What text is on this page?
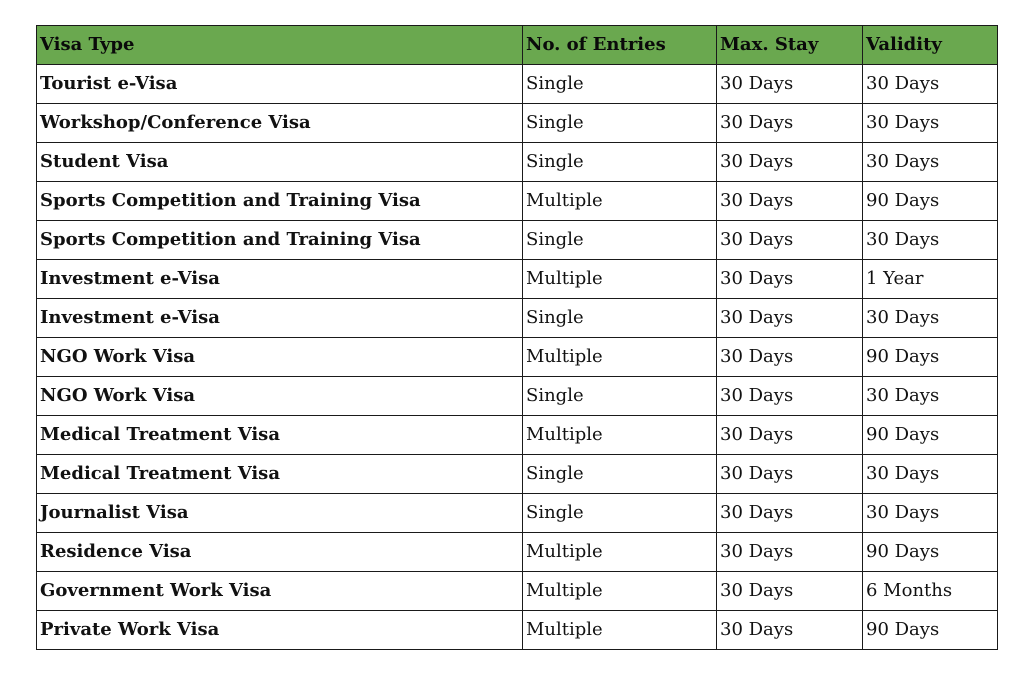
Visa Type	No. of Entries	Max. Stay	Validity
Tourist e-Visa	Single	30 Days	30 Days
Workshop/Conference Visa	Single	30 Days	30 Days
Student Visa	Single	30 Days	30 Days
Sports Competition and Training Visa	Multiple	30 Days	90 Days
Sports Competition and Training Visa	Single	30 Days	30 Days
Investment e-Visa	Multiple	30 Days	1 Year
Investment e-Visa	Single	30 Days	30 Days
NGO Work Visa	Multiple	30 Days	90 Days
NGO Work Visa	Single	30 Days	30 Days
Medical Treatment Visa	Multiple	30 Days	90 Days
Medical Treatment Visa	Single	30 Days	30 Days
Journalist Visa	Single	30 Days	30 Days
Residence Visa	Multiple	30 Days	90 Days
Government Work Visa	Multiple	30 Days	6 Months
Private Work Visa	Multiple	30 Days	90 Days
